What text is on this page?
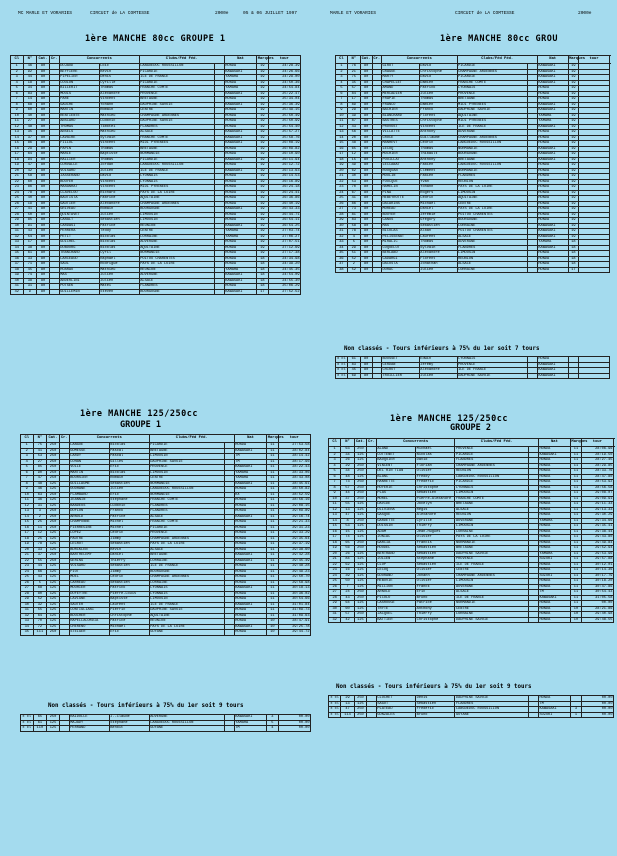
MC MARLE ET VORARIES	CIRCUIT de LA COMTESSE	2000e	05 & 06 JUILLET 1997	MARLE ET VORARIES	CIRCUIT de LA COMTESSE	2000e
1ère MANCHE 80cc GROUPE 1	1ère MANCHE 80cc GROU
Cl	N°	Cat.	Cr.	Concurrents		Clubs/Féd Féd.		Nat	Marques	tour	
1	46	80		DUJAUD	Loïc	LANGUEDOC ROUSSILLON		HONDA	19	24:28.39	
2	92	80		BEYFIERE	Kevin	PICARDIE		KAWASAKI	19	24:26.66	
3	44	80		PIPELIER	Denis	ILE DE FRANCE		YAMAHA	19	24:29.00	
4	18	80		COULON	Cyrille	PICARDIE		HONDA	19	24:50.36	
5	34	80		BILLERIT	Thomas	FRANCHE COMTE		YAMAHA	19	24:54.84	
6	83	80		MOUIS	Alexandre	PROVENCE		KAWASAKI	19	25:22.47	
7	14	80		PARE	Vincent	BRETAGNE		HONDA	19	25:34.04	
8	68	80		GAUCHE	Yohann	DAUPHINE SAVOIE		KAWASAKI	19	25:36.39	
9	60	80		MARTIN	Romain	CENTRE		HONDA	19	25:49.15	
10	40	80		RENTIENTE	Mathieu	CHAMPAGNE ARDENNES		HONDA	19	25:50.49	
11	27	80		ANSCARD	Ludovic	DAUPHINE SAVOIE		HONDA	19	25:50.99	
12	48	80		THOMAS	Timotei	FLANDRES		HONDA	19	25:54.40	
13	35	80		ANSELS	Mathieu	ALSACE		KAWASAKI	19	25:57.27	
14	37	80		LAVAIRE	Sylvain	FRANCHE COMTE		KAWASAKI	19	25:58.76	
15	86	80		FILLOL	Vincent	MIDI PYRENEES		KAWASAKI	19	26:08.19	
16	29	80		PAPIN	Thomas	BRETAGNE		HONDA	19	26:09.82	
17	64	80		MARIE	Baptiste	NORMANDIE		HONDA	19	26:10.90	
18	94	80		HALLIER	Thomas	PICARDIE		KAWASAKI	19	26:11.94	
19	47	80		CURVALLE	Jordan	LANGUEDOC ROUSSILLON		HONDA	19	26:12.72	
20	42	80		VOISARD	Julien	ILE DE FRANCE		KAWASAKI	19	26:13.63	
21	58	80		JASSERAND	David	LYONNAIS		HONDA	19	26:14.53	
22	60	80		BOUYER	Vincent	LYONNAIS		HONDA	19	26:16.89	
23	86	80		MARANHAT	Vincent	MIDI PYRENEES		HONDA	19	26:24.18	
24	78	80		CLAVELOU	Richard	PAYS DE LA LOIRE		HONDA	19	26:24.41	
25	40	80		BAUTISTA	Fabrice	AQUITAINE		HONDA	19	26:36.86	
26	19	80		GAUTIER	Alexandre	CHAMPAGNE ARDENNES		HONDA	19	26:40.19	
27	41	80		GRIVEAU	Romain	BOURGOGNE		KAWASAKI	19	26:43.33	
28	50	80		QUINTAVET	Julien	LIMOUSIN		HONDA	19	26:44.71	
29	85	80		CARALT	Sébastien	LIMOUSIN		HONDA	19	26:54.11	
30	91	80		CARDASI	Patrice	REUNION		KAWASAKI	19	26:54.25	
31	43	80		PERRERA	Teddy	CENTRE		YAMAHA	19	27:03.74	
32	54	80		PETIT	Nicolas	LORRAINE		YAMAHA	19	27:06.27	
33	17	80		GUICHEL	Nicolas	AUVERGNE		HONDA	19	27:07.51	
34	38	80		DUBOURG	Nicolas	AQUITAINE		HONDA	19	27:12.69	
35	61	80		TRANCHARD	Cyril	NORMANDIE		HONDA	19	27:17.38	
36	33	80		LARCEAUD	Raphaël	POITOU CHARENTES		HONDA	18	24:34.98	
37	71	80		SAUL	Rodrigue	PAYS DE LA LOIRE		HONDA	18	24:39.20	
38	45	80		HOARAU	Mathieu	REUNION		YAMAHA	18	24:45.35	
39	74	80		MAS	Julien	AUVERGNE		KAWASAKI	18	24:54.09	
40	38	80		ANDERLINI	Julien	ALSACE		KAWASAKI	18	24:55.30	
41	31	80		POTSEK	Matei	FLANDRES		HONDA	18	25:06.29	
42	9	80		GUILLEMIN	Steven	BOURGOGNE		KAWASAKI	17	27:52.52	
Cl	N°	Cat.	Cr.	Concurrents		Clubs/Féd Féd.		Nat	Marques	tour	
1	76	80		GIROT	David	PICARDIE		KAWASAKI	19		
2	21	80		CRAGUE	Christophe	CHAMPAGNE ARDENNES		KAWASAKI	19		
3	75	80		MARTY	David	PICARDIE		KAWASAKI	19		
4	35	80		CHAPELLET	Damien	FRANCHE COMTE		KAWASAKI	19		
5	57	80		AMAND	Patrick	LYONNAIS		HONDA	19		
6	84	80		MERCADIER	Julien	PROVENCE		HONDA	19		
7	17	80		FRAPIE	Thomas	BRETAGNE		HONDA	19		
8	89	80		FRANCO	Damien	MIDI PYRENEES		KAWASAKI	19		
9	29	80		BACHIER	Franck	DAUPHINE SAVOIE		KAWASAKI	19		
10	39	80		BLANCHARD	Florent	AQUITAINE		YAMAHA	19		
11	87	80		BASTRES	Christophe	MIDI PYRENEES		YAMAHA	19		
12	43	80		PROVOST	Vincent	ILE DE FRANCE		KAWASAKI	19		
13	56	80		VILLATTE	Anthony	AUVERGNE		HONDA	19		
14	20	80		CROCE	Guillaume	CHAMPAGNE ARDENNES		HONDA	19		
15	48	80		MANHEVT	Cédric	LANGUEDOC ROUSSILLON		HONDA	19		
16	65	80		LECOQ	Thomas	NORMANDIE		KAWASAKI	19		
17	12	80		MOCHIER	Thibault	BOURGOGNE		KAWASAKI	19		
18	15	80		POUILLAT	Anthony	BRETAGNE		KAWASAKI	19		
19	49	80		LECCANAT	Fabien	LANGUEDOC ROUSSILLON		HONDA	19		
20	62	80		ROUQUAN	Clément	NORMANDIE		HONDA	19		
21	30	80		MOULIN	Fabien	FLANDRES		HONDA	19		
22	53	80		FOUCQUE	Yvan	REUNION		HONDA	19		
23	70	80		HAMELIN	Yohann	PAYS DE LA LOIRE		HONDA	19		
24	67	80		PINA	Rogers	LIMOUSIN		HONDA	19		
25	41	80		HEBEYROTTE	Cédric	AQUITAINE		HONDA	19		
26	86	80		DACARINS	Michaël	CENTRE		HONDA	19		
27	73	80		MOREAU	Daniel	PAYS DE LA LOIRE		HONDA	19		
28	81	80		BOUYER	Jérémie	POITOU CHARENTES		HONDA	19		
29	83	80		CANUS	Grégory	BOURGOGNE		HONDA	19		
30	58	80		MAS	Sébastien	LORRAINE		KAWASAKI	19		
31	78	80		NICOLAS	Alban	POITOU CHARENTES		KAWASAKI	19		
32	4	80		PELISSENAT	Laurent	ALSACE		KAWASAKI	19		
33	5	80		MIRALIC	Thomas	AUVERGNE		YAMAHA	18		
34	29	80		COQUELUT	Sylvain	FLANDRES		KAWASAKI	18		
35	51	80		BERLAND	Alexandre	LIMOUSIN		HONDA	18		
36	52	80		CADARGI	Florent	REUNION		HONDA	18		
37	2	80		DACOSTA	Jonathan	ALSACE		HONDA	18		
38	52	80		DURAC	Julien	LORRAINE		HONDA	17		
Non classés - Tours inférieurs à 75% du 1er soit 7 tours
x cl	61	80		BOUSSET	Edwin	LYONNAIS		HONDA		
x cl	83	80		CERDAN	Jérémy	PROVENCE		KAWASAKI		
x cl	45	80		CHIROT	Alexandre	ILE DE FRANCE		KAWASAKI		
x cl	69	80		TRUILLIER	Julien	DAUPHINE SAVOIE		KAWASAKI		
1ère MANCHE 125/250cc
GROUPE 1
1ère MANCHE 125/250cc
GROUPE 2
Cl	N°	Cat.	Cr.	Concurrents		Clubs/Féd Féd.		Nat	Marques	tour	
1	75	250		LANGUE	Nicolas	PICARDIE		HONDA	11	27:53.58	
2	41	250		GOMESSE	Pascal	BRETAGNE		KAWASAKI	11	28:02.84	
3	53	250		LARDY	Pascal	LIMOUSIN		TM	11	28:14.42	
4	27	250		COHAN	Gilles	DAUPHINE SAVOIE		TM	11	28:17.96	
5	85	250		VOLLE	Eric	PROVENCE		KAWASAKI	11	28:22.43	
6	90	250		MARTIN	Nicolas	LIMOUSIN		YAMAHA	11	28:33.06	
7	47	250		BOURSIER	Romain	CENTRE		YAMAHA	11	28:43.08	
8	48	125		GUILLAUME	Sébastien	NORMANDIE		KAWASAKI	11	28:45.61	
9	46	125		OUDHANE	Julien	LANGUEDOC ROUSSILLON		HONDA	11	28:50.82	
10	63	250		FLAMBARD	Eric	NORMANDIE		KX	11	28:52.59	
11	36	125		JEANNIN	Stéphane	FRANCHE COMTE		HONDA	11	28:56.16	
12	31	125		BANDEUS	Ludovic	FLANDRES		HONDA	11	29:08.15	
13	3	250		DUFLON	Franck	FLANDRES		HONDA	11	29:09.89	
14	2	250		ARNOLD	Patrice	ALSACE		KAWASAKI	11	29:16.74	
15	25	250		CHAMPONNE	Michel	FRANCHE COMTE		HONDA	11	29:21.33	
16	11	250		PIERREGINE	Michel	PICARDIE		HONDA	11	29:31.23	
17	12	125		LOPEZ	Cédric	PROVENCE		HONDA	11	29:33.29	
18	25	125		PAUTRE	Jimmy	CHAMPAGNE ARDENNES		HONDA	11	29:35.64	
19	78	125		LECRUT	Sébastien	PAYS DE LA LOIRE		HONDA	11	29:37.19	
20	33	125		BURCKLEN	Kévin	ALSACE		HONDA	11	29:38.60	
21	37	250		BARTHELEMY	Daniel	BRETAGNE		KAWASAKI	11	29:42.28	
22	55	250		GERING	Thierry	LORRAINE		KAWASAKI	11	29:45.49	
23	44	125		VOISARD	Sébastien	ILE DE FRANCE		HONDA	11	29:48.28	
24	66	125		PIOT	Jimmy	BOURGOGNE		HONDA	11	29:49.23	
25	43	125		MOEL	Cédric	CHAMPAGNE ARDENNES		HONDA	11	29:50.70	
26	5	125		CARREAU	Sébastien	LORRAINE		HONDA	11	29:58.98	
27	68	125		MOUHIER	Patrick	LYONNAIS		KAWASAKI	11	30:18.13	
28	80	125		DUFEYTRE	Pierre-Louis	LYONNAIS		HONDA	11	30:36.02	
29	52	125		LAVIGNE	Baptiste	LIMOUSIN		HONDA	11	30:54.66	
30	32	125		SAUTER	Laurent	ILE DE FRANCE		KAWASAKI	11	31:01.84	
31	55	125		CONTIGLIANI	Pierric	DAUPHINE SAVOIE		HONDA	11	31:09.73	
32	64	125		BOUCHER	Christophe	AQUITAINE		HONDA	11	31:09.63	
33	70	125		HAPELLACORDIA	Patrice	REUNION		HONDA	10	28:47.91	
34	72	125		CHERENO	Michaël	PAYS DE LA LOIRE		KAWASAKI	10	29:25.78	
35	111	250		STEIGER	Eric	GUYANE		HONDA	10	29:44.72	
Non classés - Tours inférieurs à 75% du 1er soit 9 tours
x cl	65	250		RAIDOLLE	J.-Claude	AUVERGNE		KAWASAKI	3	00.00
x cl	61	125		MAJADY	Stéphane	LANGUEDOC ROUSSILLON		YAMAHA	5	00.00
x cl	110	125		PERRAND	Benoit	GUYANE		TM	4	00.00
Cl	N°	Cat.	Cr.	Concurrents		Clubs/Féd Féd.		Nat	Marques	tour	
1	63	250		ALAND	Michaël	PROVENCE		HONDA	11	28:06.96	
2	34	125		COTTENET	Nicolas	PICARDIE		KAWASAKI	11	28:19.50	
3	26	125		BAUQUIER	David	FLANDRES		HONDA	11	28:27.45	
4	29	250		VINCENT	Florian	CHAMPAGNE ARDENNES		HONDA	11	28:29.85	
5	34	250		DEL RIN TIAN	Olivier	REUNION		HONDA	11	28:33.76	
6	48	125		BLANC	Freddy	LANGUEDOC ROUSSILLON		HONDA	11	28:47.80	
7	73	250		HANRETTE	Frédéric	PICARDIE		HONDA	11	28:53.92	
8	57	250		HOYERIE	Christophe	LYONNAIS		HONDA	11	28:56.58	
9	44	250		PLAS	Sébastien	LIMOUSIN		HONDA	11	29:08.07	
10	37	250		MOREL	Pierre-Alexandre	FRANCHE COMTE		HONDA	11	29:09.91	
11	55	125		DAVIDE	Jocelyn	BRETAGNE		HONDA	11	29:11.33	
12	13	125		OLIVIERA	Régis	ALSACE		HONDA	11	29:13.33	
13	47	125		GASQUE	Alexandre	REUNION		HONDA	11	29:30.29	
14	8	250		GARDETTE	Cyrille	AUVERGNE		YAMAHA	11	29:34.66	
15	53	125		DUISSIN	Thierry	LIMOUSIN		HONDA	11	29:35.41	
16	15	125		ADAM	Jean-Hugues	LORRAINE		HONDA	11	29:38.44	
17	74	125		JUNIAC	Olivier	PAYS DE LA LOIRE		HONDA	11	29:43.80	
18	65	250		GARCIA	Francis	NORMANDIE		HONDA	11	29:49.84	
19	56	250		HOUDEL	Sébastien	BRETAGNE		HONDA	11	29:52.94	
20	26	125		BERTRAND	Sébastien	DAUPHINE SAVOIE		YAMAHA	11	29:53.96	
21	84	125		JULIEN	Stéphane	PROVENCE		SUZUKI	11	29:57.88	
22	62	125		CLOP	Sébastien	ILE DE FRANCE		HONDA	11	30:12.01	
23	16	125		LECOQ	Olivier	CENTRE		HONDA	11	30:14.36	
24	39	125		GOURAND	Johann	CHAMPAGNE ARDENNES		SUZUKI	11	30:17.79	
25	50	125		HEBUVIE	Olivier	LIMOUSIN		HONDA	11	30:18.20	
26	7	125		MILLION	Franck	AUVERGNE		HONDA	11	30:47.86	
27	24	250		ARNOLD	Eric	ALSACE		TM	11	30:54.43	
28	43	250		PICOLO	Bruno	ILE DE FRANCE		KAWASAKI	11	31:05.58	
29	64	125		CASROUGE	Patrice	NORMANDIE		HONDA	11	00.00	
30	60	125		TRYTE	Anthony	CENTRE		HONDA	10	28:21.86	
31	57	250		JACQUEL	Thierry	LORRAINE		HONDA	10	29:40.98	
32	42	125		BATTIER	Christophe	DAUPHINE SAVOIE		HONDA	10	29:48.55	
Non classés - Tours inférieurs à 75% du 1er soit 9 tours
x cl	29	250		CLOCHET	Denis	DAUPHINE SAVOIE		HONDA		00.00
x cl	13	125		SAGOT	Sébastien	FLANDRES		TM		00.00
x cl	47	250		PLATEAU	Frédéric	LANGUEDOC ROUSSILLON		KAWASAKI	3	00.00
x cl	114	250		GONZALES	Bruno	GUYANE		SUZUKI	1	00.00
